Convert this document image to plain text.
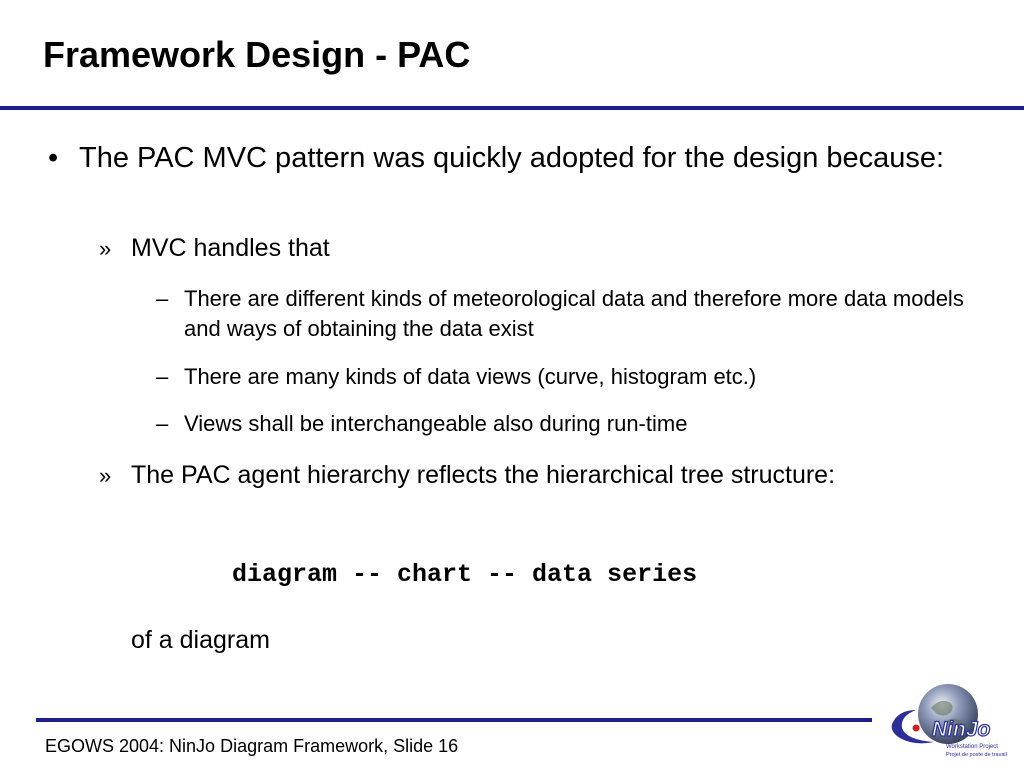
Framework Design - PAC
• The PAC MVC pattern was quickly adopted for the design because:
» MVC handles that
– There are different kinds of meteorological data and therefore more data models and ways of obtaining the data exist
– There are many kinds of data views (curve, histogram etc.)
– Views shall be interchangeable also during run-time
» The PAC agent hierarchy reflects the hierarchical tree structure:
diagram -- chart -- data series
of a diagram
EGOWS 2004: NinJo Diagram Framework, Slide 16
NinJo
Workstation Project
Projet de poste de travail
